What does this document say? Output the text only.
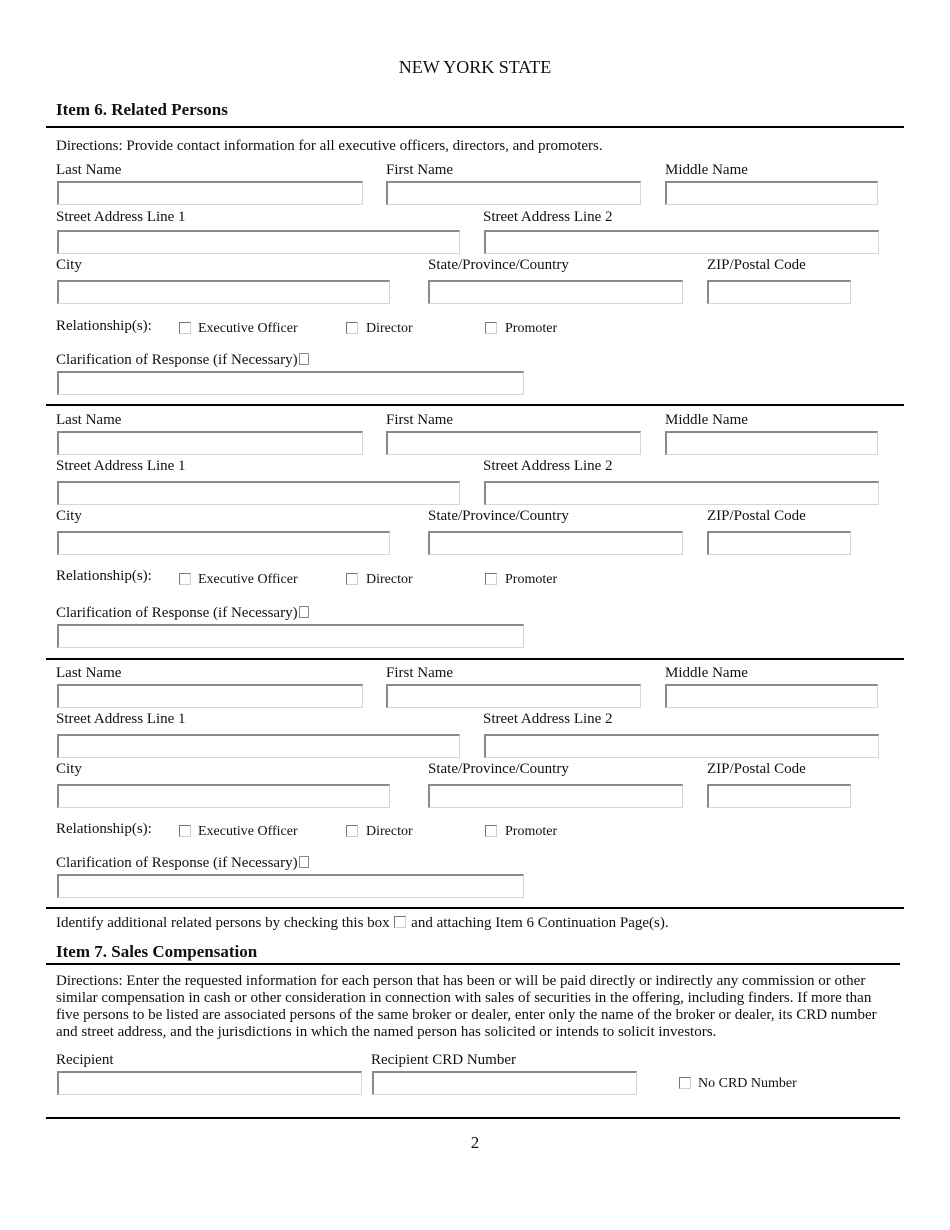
NEW YORK STATE
Item 6. Related Persons
Directions: Provide contact information for all executive officers, directors, and promoters.
Last Name	First Name	Middle Name
Street Address Line 1	Street Address Line 2
City	State/Province/Country	ZIP/Postal Code
Relationship(s):	Executive Officer	Director	Promoter
Clarification of Response (if Necessary)
Last Name	First Name	Middle Name
Street Address Line 1	Street Address Line 2
City	State/Province/Country	ZIP/Postal Code
Relationship(s):	Executive Officer	Director	Promoter
Clarification of Response (if Necessary)
Last Name	First Name	Middle Name
Street Address Line 1	Street Address Line 2
City	State/Province/Country	ZIP/Postal Code
Relationship(s):	Executive Officer	Director	Promoter
Clarification of Response (if Necessary)
Identify additional related persons by checking this box and attaching Item 6 Continuation Page(s).
Item 7. Sales Compensation
Directions: Enter the requested information for each person that has been or will be paid directly or indirectly any commission or other similar compensation in cash or other consideration in connection with sales of securities in the offering, including finders. If more than five persons to be listed are associated persons of the same broker or dealer, enter only the name of the broker or dealer, its CRD number and street address, and the jurisdictions in which the named person has solicited or intends to solicit investors.
Recipient	Recipient CRD Number
No CRD Number
2
